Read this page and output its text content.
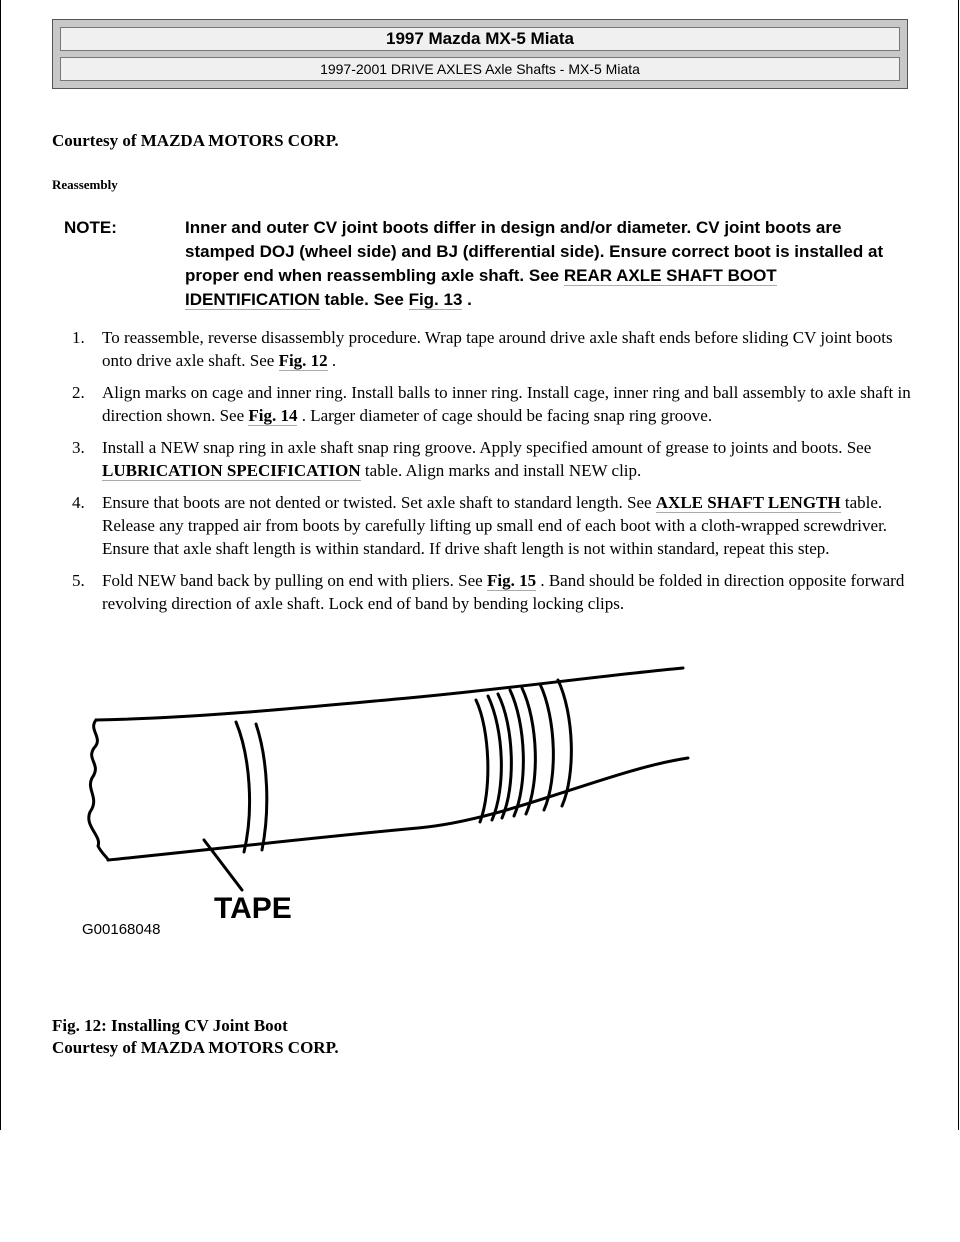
1997 Mazda MX-5 Miata
1997-2001 DRIVE AXLES Axle Shafts - MX-5 Miata
Courtesy of MAZDA MOTORS CORP.
Reassembly
NOTE:	Inner and outer CV joint boots differ in design and/or diameter. CV joint boots are stamped DOJ (wheel side) and BJ (differential side). Ensure correct boot is installed at proper end when reassembling axle shaft. See REAR AXLE SHAFT BOOT IDENTIFICATION table. See Fig. 13 .
1. To reassemble, reverse disassembly procedure. Wrap tape around drive axle shaft ends before sliding CV joint boots onto drive axle shaft. See Fig. 12 .
2. Align marks on cage and inner ring. Install balls to inner ring. Install cage, inner ring and ball assembly to axle shaft in direction shown. See Fig. 14 . Larger diameter of cage should be facing snap ring groove.
3. Install a NEW snap ring in axle shaft snap ring groove. Apply specified amount of grease to joints and boots. See LUBRICATION SPECIFICATION table. Align marks and install NEW clip.
4. Ensure that boots are not dented or twisted. Set axle shaft to standard length. See AXLE SHAFT LENGTH table. Release any trapped air from boots by carefully lifting up small end of each boot with a cloth-wrapped screwdriver. Ensure that axle shaft length is within standard. If drive shaft length is not within standard, repeat this step.
5. Fold NEW band back by pulling on end with pliers. See Fig. 15 . Band should be folded in direction opposite forward revolving direction of axle shaft. Lock end of band by bending locking clips.
TAPE
G00168048
Fig. 12: Installing CV Joint Boot
Courtesy of MAZDA MOTORS CORP.
